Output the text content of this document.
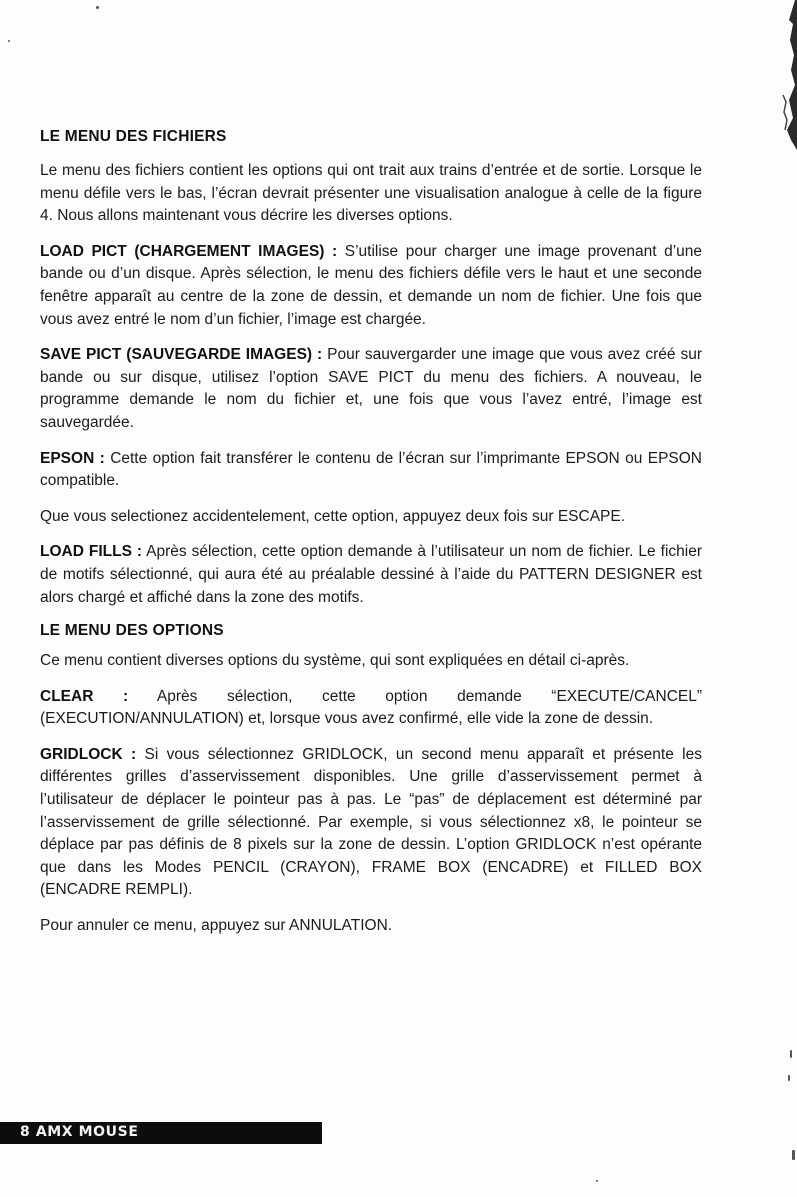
LE MENU DES FICHIERS

Le menu des fichiers contient les options qui ont trait aux trains d’entrée et de sortie. Lorsque le menu défile vers le bas, l’écran devrait présenter une visualisation analogue à celle de la figure 4. Nous allons maintenant vous décrire les diverses options.

LOAD PICT (CHARGEMENT IMAGES) : S’utilise pour charger une image provenant d’une bande ou d’un disque. Après sélection, le menu des fichiers défile vers le haut et une seconde fenêtre apparaît au centre de la zone de dessin, et demande un nom de fichier. Une fois que vous avez entré le nom d’un fichier, l’image est chargée.

SAVE PICT (SAUVEGARDE IMAGES) : Pour sauvergarder une image que vous avez créé sur bande ou sur disque, utilisez l’option SAVE PICT du menu des fichiers. A nouveau, le programme demande le nom du fichier et, une fois que vous l’avez entré, l’image est sauvegardée.

EPSON : Cette option fait transférer le contenu de l’écran sur l’imprimante EPSON ou EPSON compatible.

Que vous selectionez accidentelement, cette option, appuyez deux fois sur ESCAPE.

LOAD FILLS : Après sélection, cette option demande à l’utilisateur un nom de fichier. Le fichier de motifs sélectionné, qui aura été au préalable dessiné à l’aide du PATTERN DESIGNER est alors chargé et affiché dans la zone des motifs.

LE MENU DES OPTIONS

Ce menu contient diverses options du système, qui sont expliquées en détail ci-après.

CLEAR : Après sélection, cette option demande “EXECUTE/CANCEL” (EXECUTION/ANNULATION) et, lorsque vous avez confirmé, elle vide la zone de dessin.

GRIDLOCK : Si vous sélectionnez GRIDLOCK, un second menu apparaît et présente les différentes grilles d’asservissement disponibles. Une grille d’asservissement permet à l’utilisateur de déplacer le pointeur pas à pas. Le “pas” de déplacement est déterminé par l’asservissement de grille sélectionné. Par exemple, si vous sélectionnez x8, le pointeur se déplace par pas définis de 8 pixels sur la zone de dessin. L’option GRIDLOCK n’est opérante que dans les Modes PENCIL (CRAYON), FRAME BOX (ENCADRE) et FILLED BOX (ENCADRE REMPLI).

Pour annuler ce menu, appuyez sur ANNULATION.

8 AMX MOUSE
